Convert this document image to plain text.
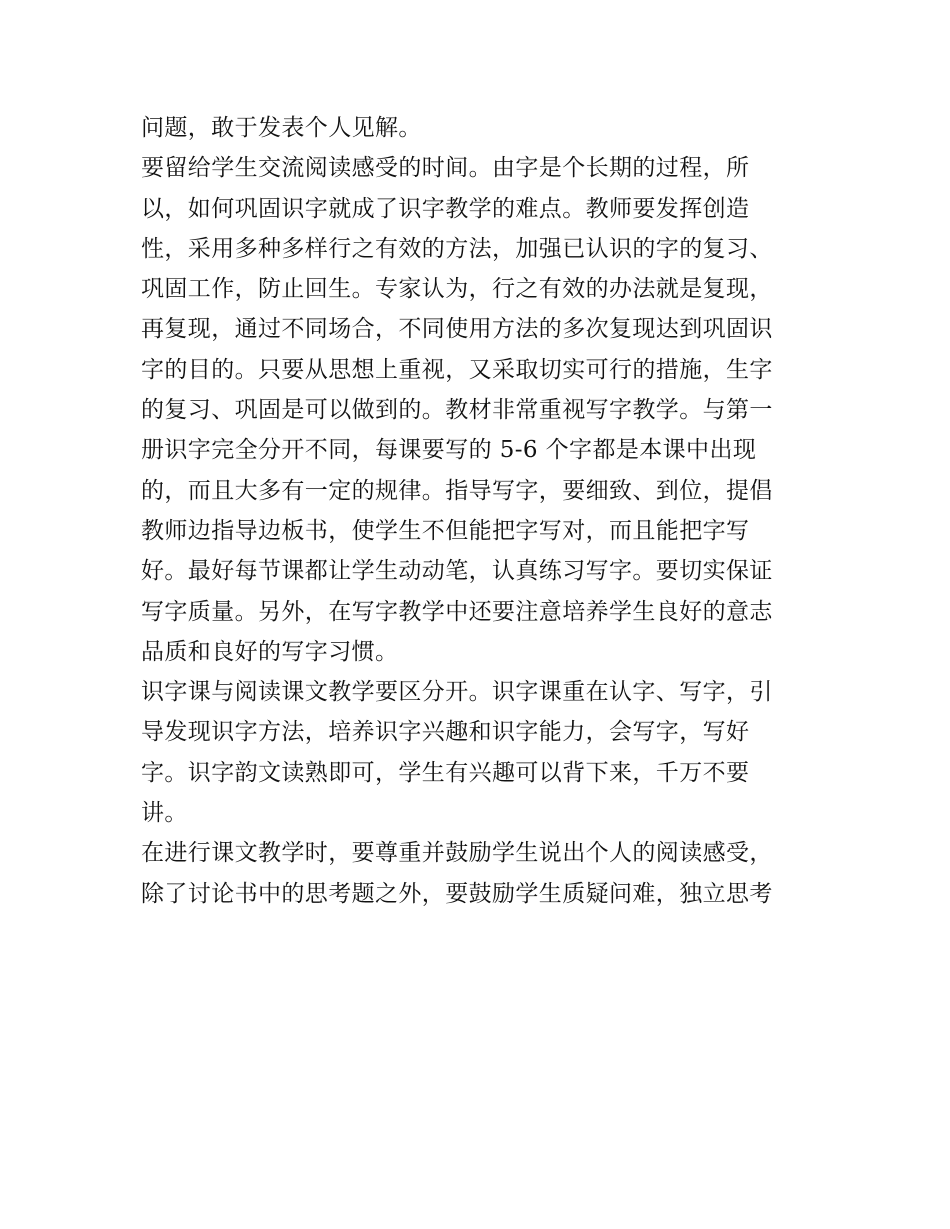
问题，敢于发表个人见解。
要留给学生交流阅读感受的时间。由字是个长期的过程，所
以，如何巩固识字就成了识字教学的难点。教师要发挥创造
性，采用多种多样行之有效的方法，加强已认识的字的复习、
巩固工作，防止回生。专家认为，行之有效的办法就是复现，
再复现，通过不同场合，不同使用方法的多次复现达到巩固识
字的目的。只要从思想上重视，又采取切实可行的措施，生字
的复习、巩固是可以做到的。教材非常重视写字教学。与第一
册识字完全分开不同，每课要写的 5-6 个字都是本课中出现
的，而且大多有一定的规律。指导写字，要细致、到位，提倡
教师边指导边板书，使学生不但能把字写对，而且能把字写
好。最好每节课都让学生动动笔，认真练习写字。要切实保证
写字质量。另外，在写字教学中还要注意培养学生良好的意志
品质和良好的写字习惯。
识字课与阅读课文教学要区分开。识字课重在认字、写字，引
导发现识字方法，培养识字兴趣和识字能力，会写字，写好
字。识字韵文读熟即可，学生有兴趣可以背下来，千万不要
讲。
在进行课文教学时，要尊重并鼓励学生说出个人的阅读感受，
除了讨论书中的思考题之外，要鼓励学生质疑问难，独立思考
